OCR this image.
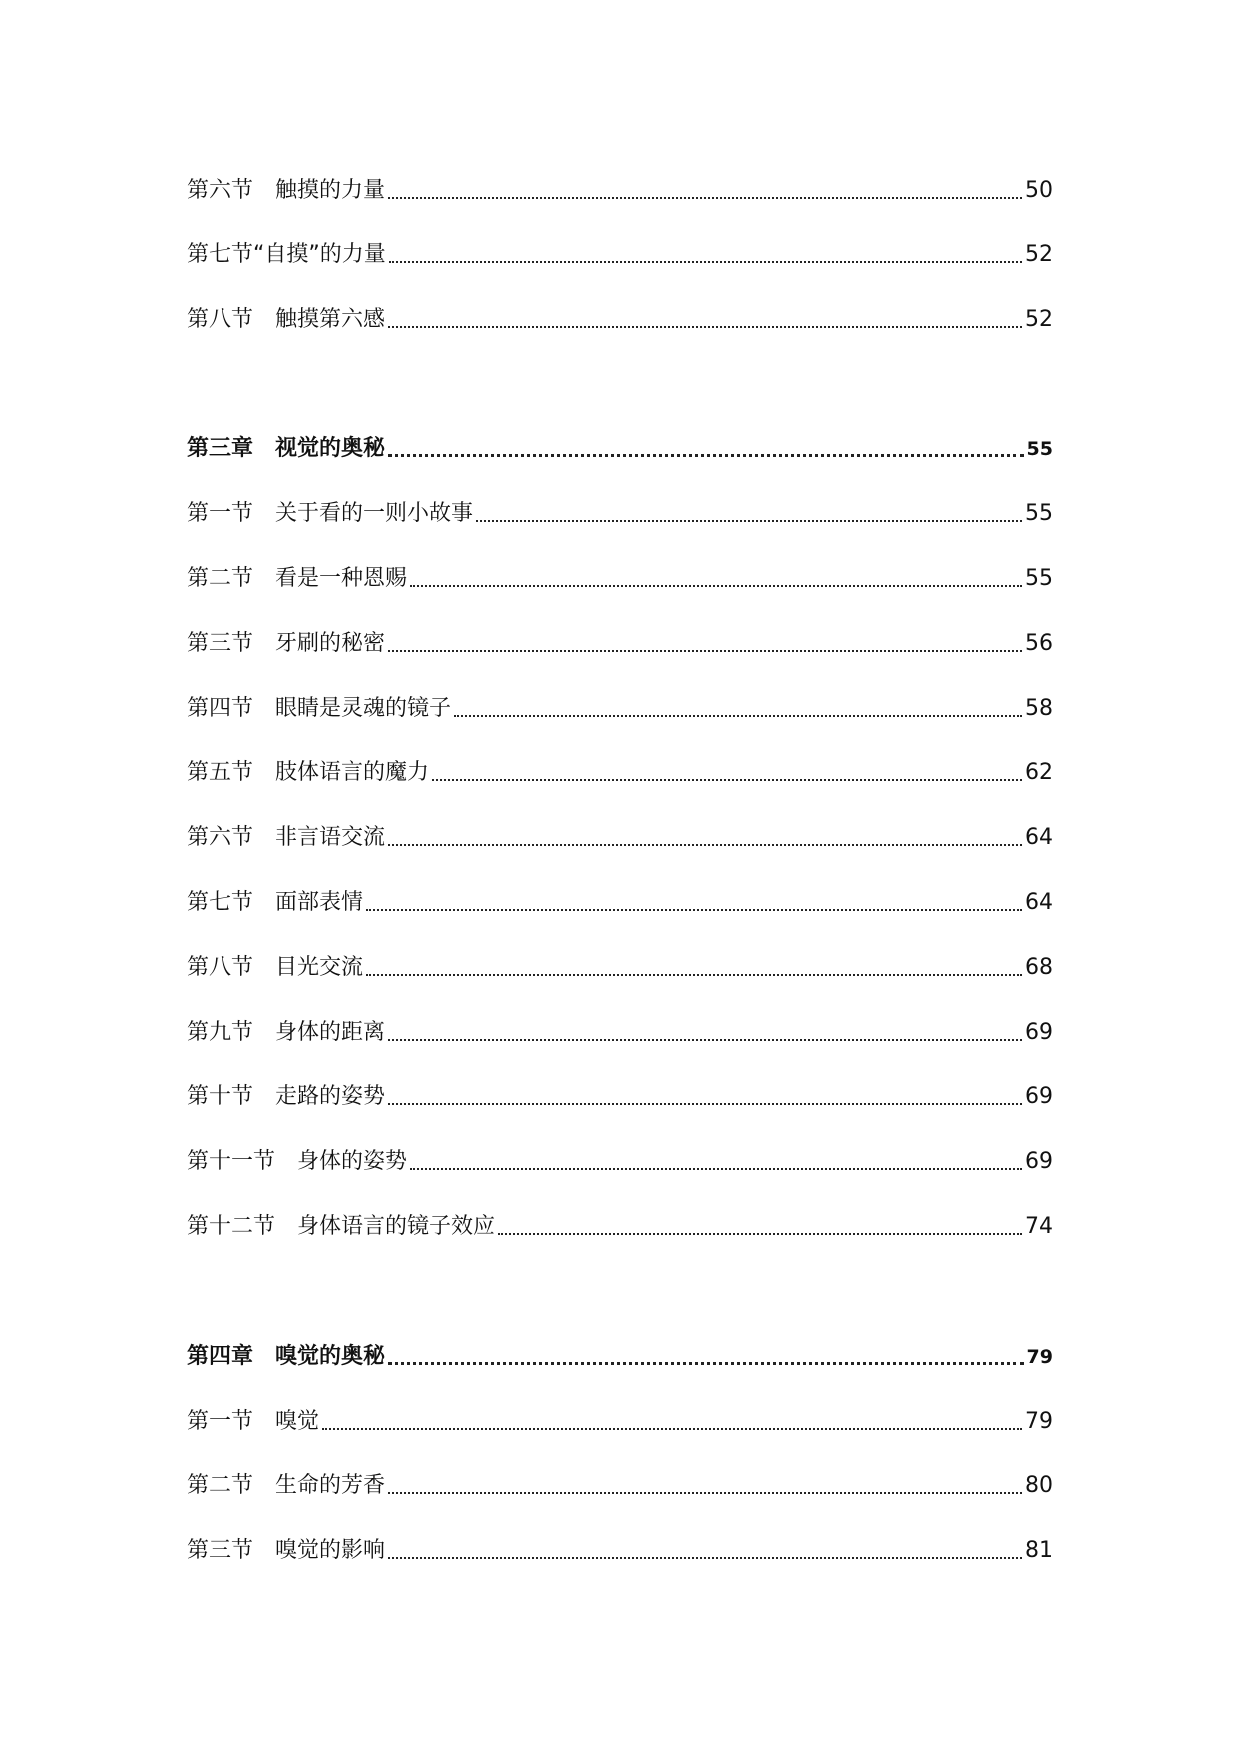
第六节 触摸的力量	50
第七节“自摸”的力量	52
第八节 触摸第六感	52
第三章 视觉的奥秘	55
第一节 关于看的一则小故事	55
第二节 看是一种恩赐	55
第三节 牙刷的秘密	56
第四节 眼睛是灵魂的镜子	58
第五节 肢体语言的魔力	62
第六节 非言语交流	64
第七节 面部表情	64
第八节 目光交流	68
第九节 身体的距离	69
第十节 走路的姿势	69
第十一节 身体的姿势	69
第十二节 身体语言的镜子效应	74
第四章 嗅觉的奥秘	79
第一节 嗅觉	79
第二节 生命的芳香	80
第三节 嗅觉的影响	81
